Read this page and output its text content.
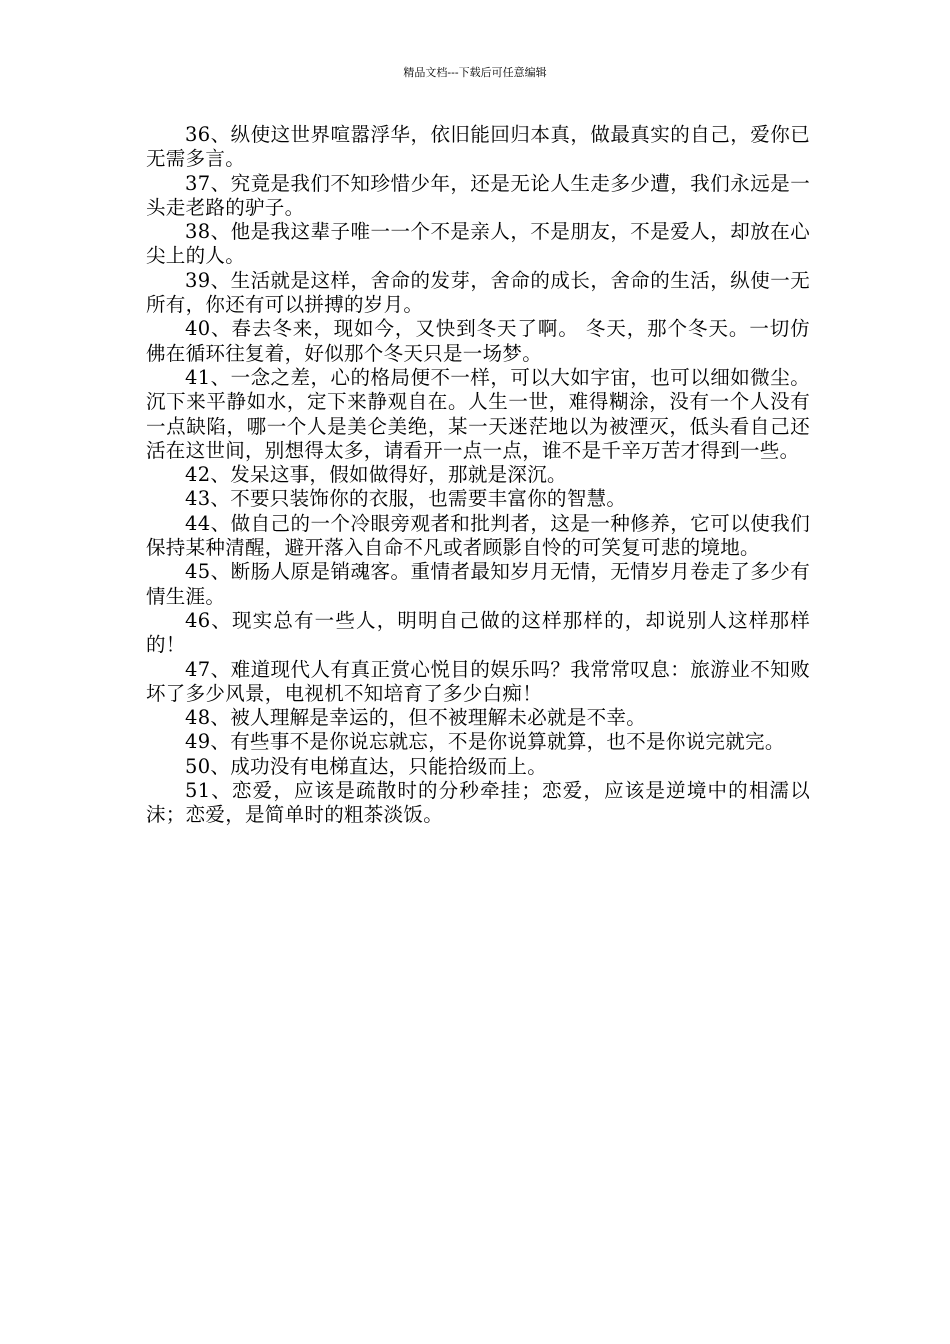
精品文档---下载后可任意编辑

36、纵使这世界喧嚣浮华，依旧能回归本真，做最真实的自己，爱你已无需多言。

37、究竟是我们不知珍惜少年，还是无论人生走多少遭，我们永远是一头走老路的驴子。

38、他是我这辈子唯一一个不是亲人，不是朋友，不是爱人，却放在心尖上的人。

39、生活就是这样，舍命的发芽，舍命的成长，舍命的生活，纵使一无所有，你还有可以拼搏的岁月。

40、春去冬来，现如今，又快到冬天了啊。 冬天，那个冬天。一切仿佛在循环往复着，好似那个冬天只是一场梦。

41、一念之差，心的格局便不一样，可以大如宇宙，也可以细如微尘。沉下来平静如水，定下来静观自在。人生一世，难得糊涂，没有一个人没有一点缺陷，哪一个人是美仑美绝，某一天迷茫地以为被湮灭，低头看自己还活在这世间，别想得太多，请看开一点一点，谁不是千辛万苦才得到一些。

42、发呆这事，假如做得好，那就是深沉。

43、不要只装饰你的衣服，也需要丰富你的智慧。

44、做自己的一个冷眼旁观者和批判者，这是一种修养，它可以使我们保持某种清醒，避开落入自命不凡或者顾影自怜的可笑复可悲的境地。

45、断肠人原是销魂客。重情者最知岁月无情，无情岁月卷走了多少有情生涯。

46、现实总有一些人，明明自己做的这样那样的，却说别人这样那样的！

47、难道现代人有真正赏心悦目的娱乐吗？我常常叹息：旅游业不知败坏了多少风景，电视机不知培育了多少白痴！

48、被人理解是幸运的，但不被理解未必就是不幸。

49、有些事不是你说忘就忘，不是你说算就算，也不是你说完就完。

50、成功没有电梯直达，只能拾级而上。

51、恋爱，应该是疏散时的分秒牵挂；恋爱，应该是逆境中的相濡以沫；恋爱，是简单时的粗茶淡饭。
